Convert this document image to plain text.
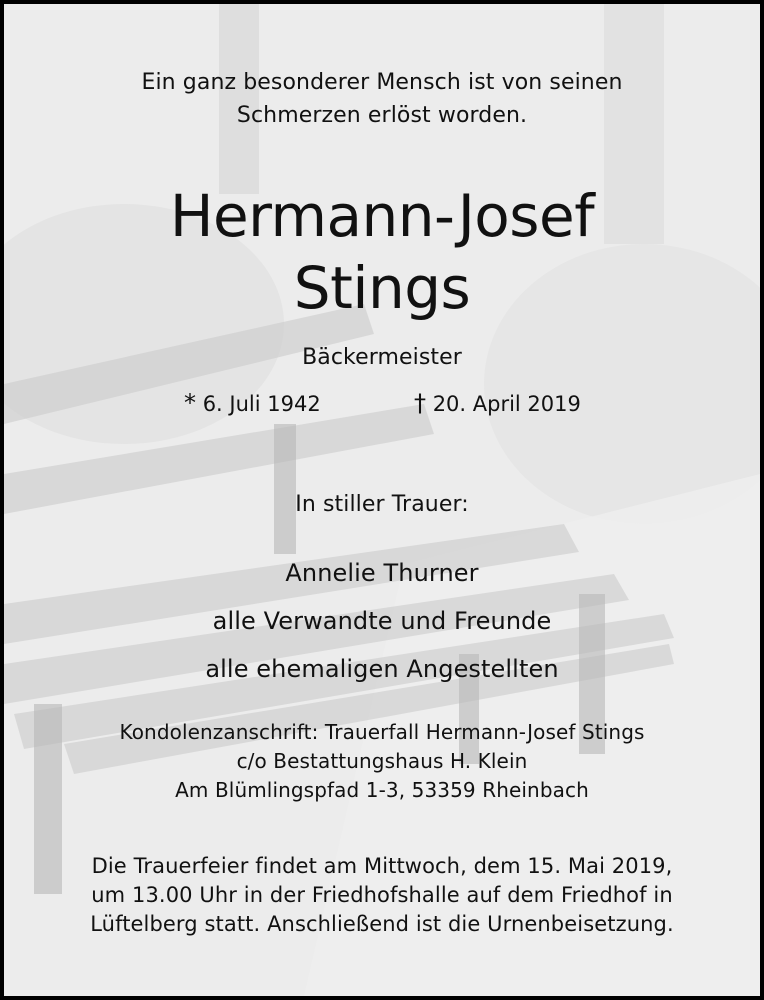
Ein ganz besonderer Mensch ist von seinen
Schmerzen erlöst worden.

Hermann-Josef
Stings

Bäckermeister

* 6. Juli 1942	† 20. April 2019

In stiller Trauer:

Annelie Thurner
alle Verwandte und Freunde
alle ehemaligen Angestellten

Kondolenzanschrift: Trauerfall Hermann-Josef Stings
c/o Bestattungshaus H. Klein
Am Blümlingspfad 1-3, 53359 Rheinbach

Die Trauerfeier findet am Mittwoch, dem 15. Mai 2019,
um 13.00 Uhr in der Friedhofshalle auf dem Friedhof in
Lüftelberg statt. Anschließend ist die Urnenbeisetzung.
